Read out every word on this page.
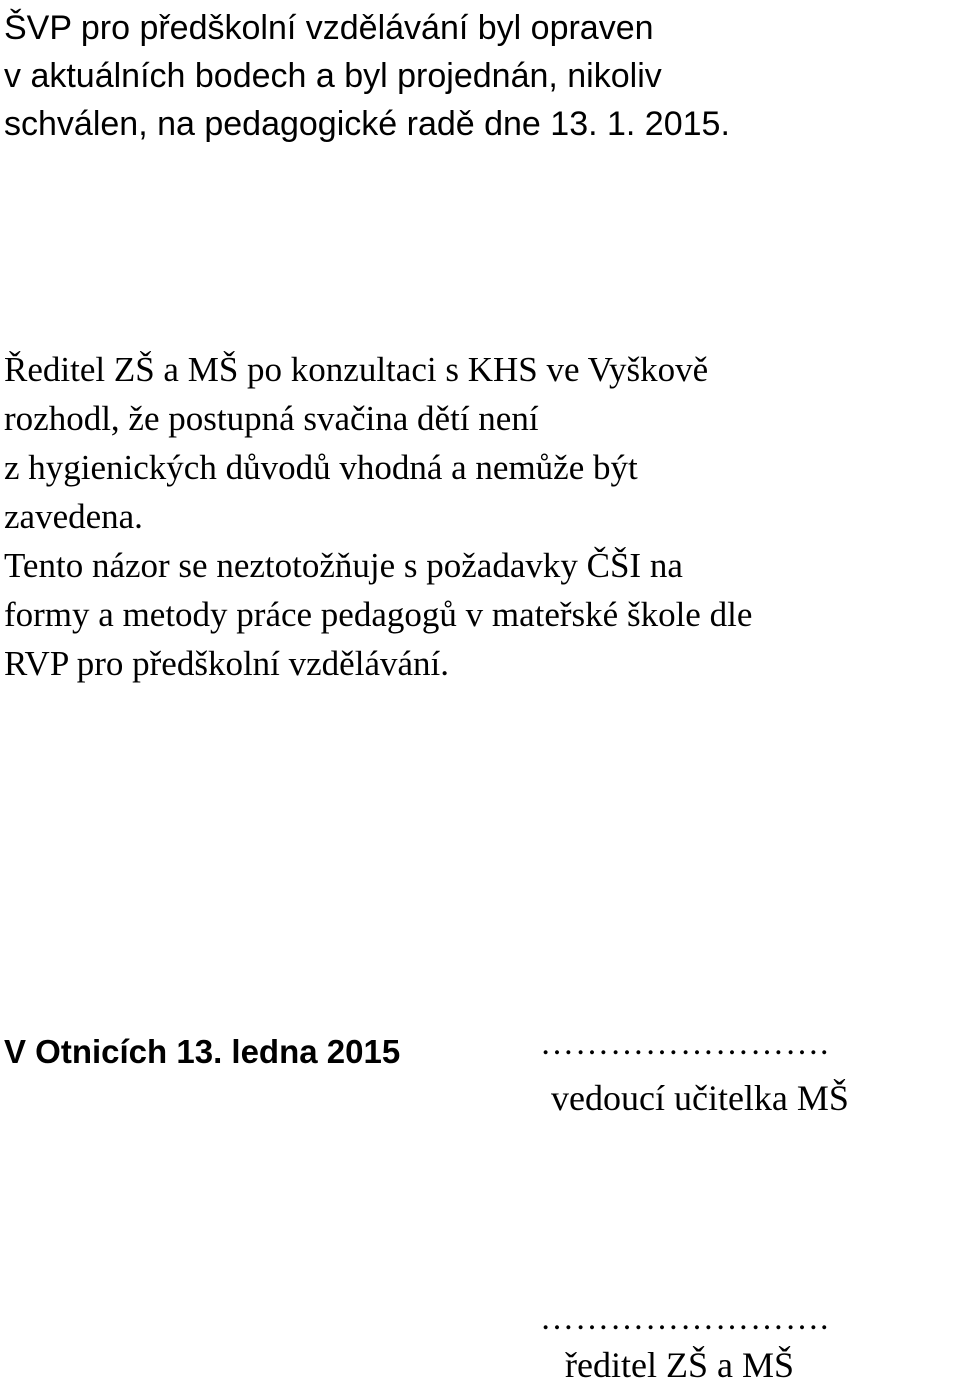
ŠVP pro předškolní vzdělávání byl opraven

v aktuálních bodech a byl projednán, nikoliv

schválen, na pedagogické radě dne 13. 1. 2015.

Ředitel ZŠ a MŠ po konzultaci s KHS ve Vyškově

rozhodl, že postupná svačina dětí není

z hygienických důvodů vhodná a nemůže být

zavedena.

Tento názor se neztotožňuje s požadavky ČŠI na

formy a metody práce pedagogů v mateřské škole dle

RVP pro předškolní vzdělávání.

V Otnicích 13. ledna 2015	…………………….

vedoucí učitelka MŠ

…………………….

ředitel ZŠ a MŠ
